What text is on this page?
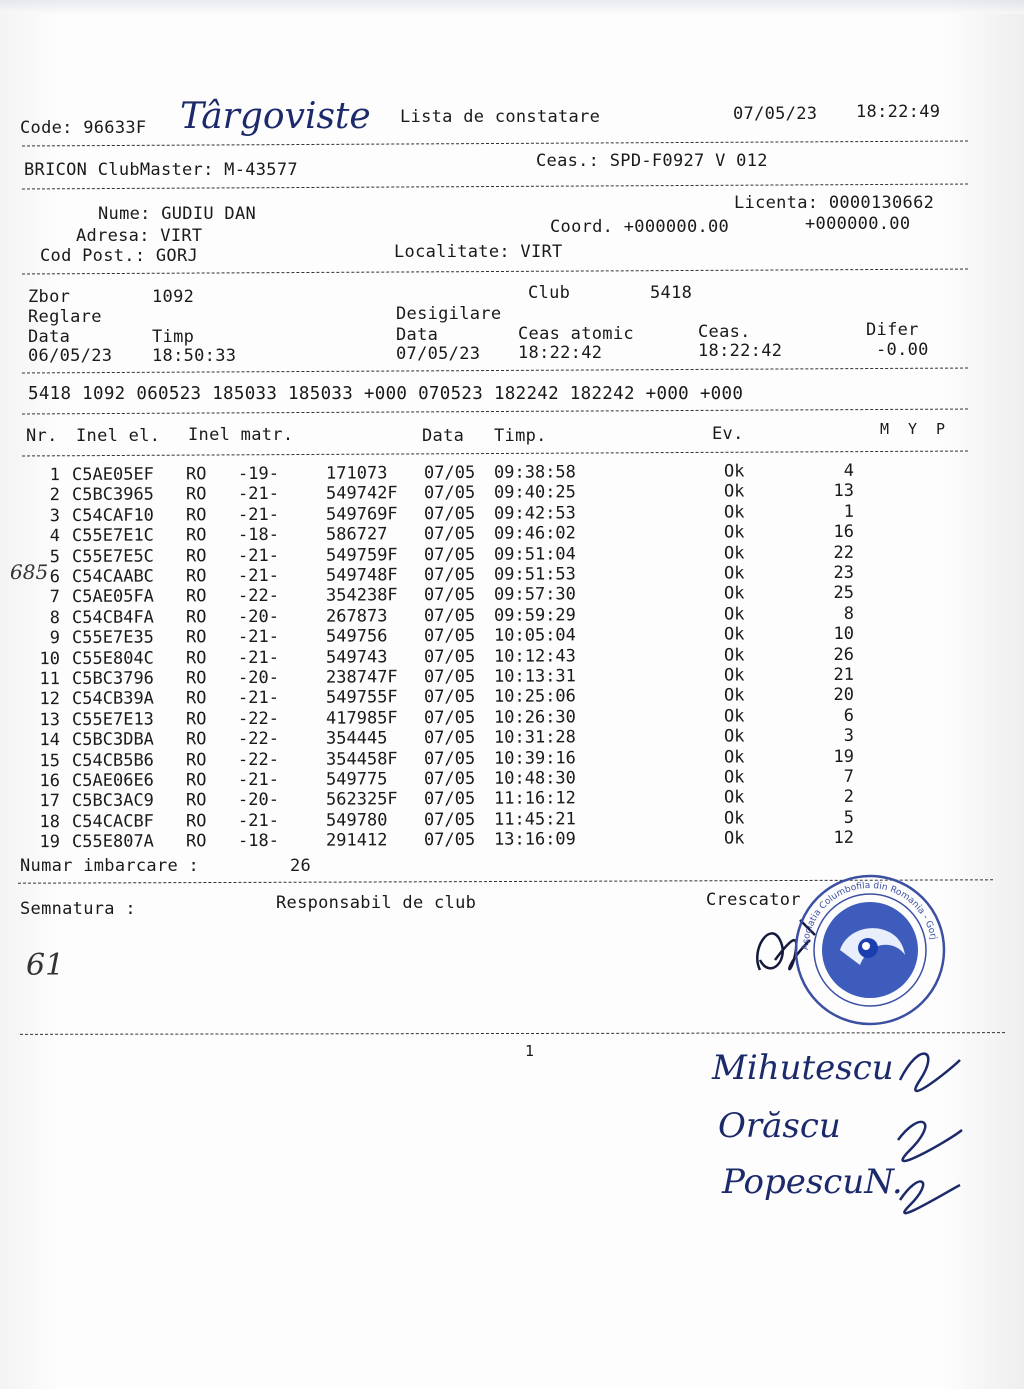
Code: 96633F Târgoviste Lista de constatare	07/05/23 18:22:49
BRICON ClubMaster: M-43577	Ceas.: SPD-F0927 V 012
Nume: GUDIU DAN
Adresa: VIRT
Cod Post.: GORJ
Licenta: 0000130662
Coord. +000000.00	+000000.00
Localitate: VIRT
Zbor	1092	Club	5418
Reglare	Desigilare
Data	Timp	Data	Ceas atomic	Ceas.	Difer
06/05/23 18:50:33	07/05/23 18:22:42	18:22:42	-0.00
5418 1092 060523 185033 185033 +000 070523 182242 182242 +000 +000
Nr. Inel el. Inel matr.	Data Timp.	Ev.	M  Y  P
1 C5AE05EF RO -19-	171073 07/05 09:38:58	Ok	4
2 C5BC3965 RO -21-	549742F 07/05 09:40:25	Ok	13
3 C54CAF10 RO -21-	549769F 07/05 09:42:53	Ok	1
4 C55E7E1C RO -18-	586727 07/05 09:46:02	Ok	16
5 C55E7E5C RO -21-	549759F 07/05 09:51:04	Ok	22
6 C54CAABC RO -21-	549748F 07/05 09:51:53	Ok	23
7 C5AE05FA RO -22-	354238F 07/05 09:57:30	Ok	25
8 C54CB4FA RO -20-	267873 07/05 09:59:29	Ok	8
9 C55E7E35 RO -21-	549756 07/05 10:05:04	Ok	10
10 C55E804C RO -21-	549743 07/05 10:12:43	Ok	26
11 C5BC3796 RO -20-	238747F 07/05 10:13:31	Ok	21
12 C54CB39A RO -21-	549755F 07/05 10:25:06	Ok	20
13 C55E7E13 RO -22-	417985F 07/05 10:26:30	Ok	6
14 C5BC3DBA RO -22-	354445 07/05 10:31:28	Ok	3
15 C54CB5B6 RO -22-	354458F 07/05 10:39:16	Ok	19
16 C5AE06E6 RO -21-	549775 07/05 10:48:30	Ok	7
17 C5BC3AC9 RO -20-	562325F 07/05 11:16:12	Ok	2
18 C54CACBF RO -21-	549780 07/05 11:45:21	Ok	5
19 C55E807A RO -18-	291412 07/05 13:16:09	Ok	12
685
Numar imbarcare :	26
Semnatura :	Responsabil de club	Crescator
61
1
Asociatia Columbofila din Romania - Gorj
Mihutescu
Orăscu
PopescuN.
